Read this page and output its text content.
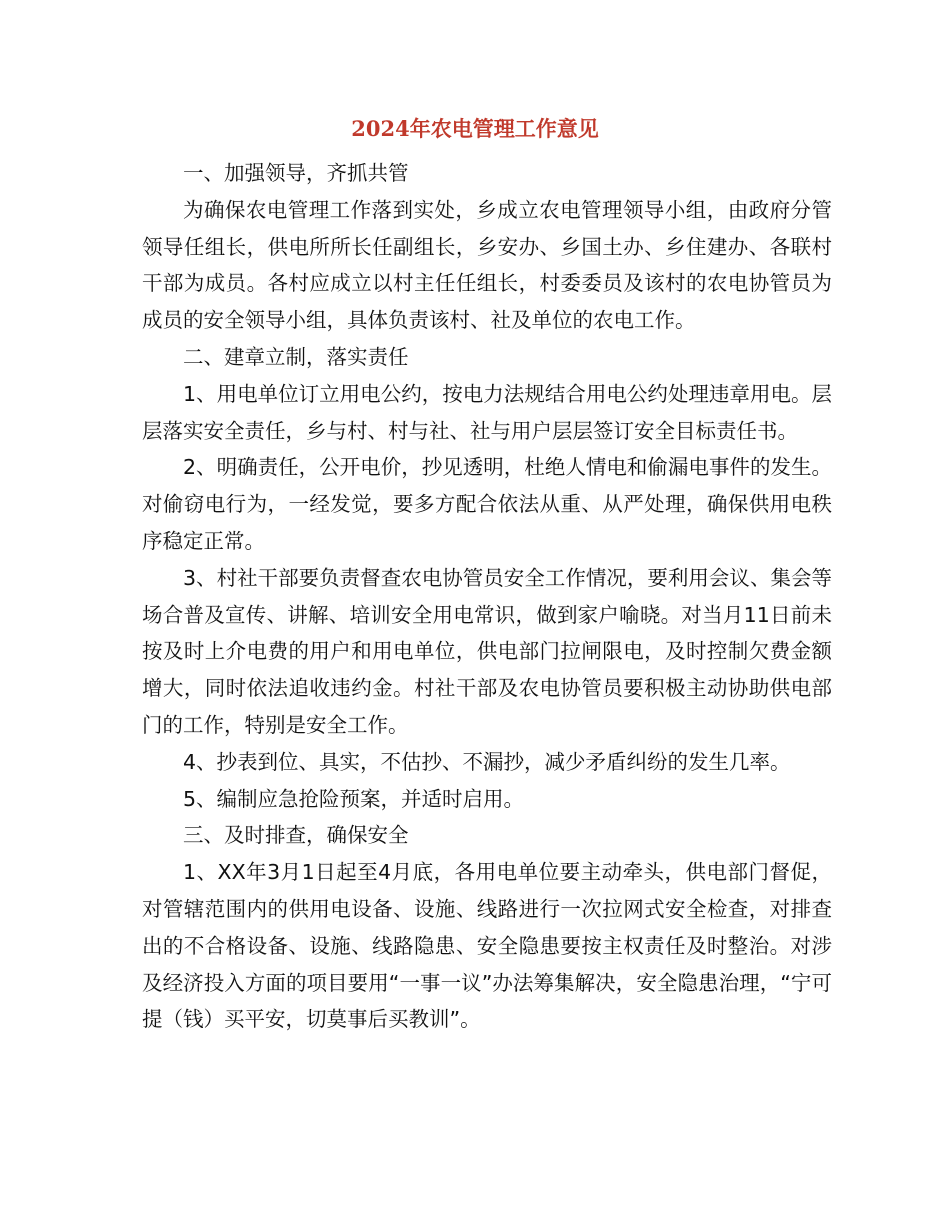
2024年农电管理工作意见

一、加强领导，齐抓共管

为确保农电管理工作落到实处，乡成立农电管理领导小组，由政府分管领导任组长，供电所所长任副组长，乡安办、乡国土办、乡住建办、各联村干部为成员。各村应成立以村主任任组长，村委委员及该村的农电协管员为成员的安全领导小组，具体负责该村、社及单位的农电工作。

二、建章立制，落实责任

1、用电单位订立用电公约，按电力法规结合用电公约处理违章用电。层层落实安全责任，乡与村、村与社、社与用户层层签订安全目标责任书。

2、明确责任，公开电价，抄见透明，杜绝人情电和偷漏电事件的发生。对偷窃电行为，一经发觉，要多方配合依法从重、从严处理，确保供用电秩序稳定正常。

3、村社干部要负责督查农电协管员安全工作情况，要利用会议、集会等场合普及宣传、讲解、培训安全用电常识，做到家户喻晓。对当月11日前未按及时上介电费的用户和用电单位，供电部门拉闸限电，及时控制欠费金额增大，同时依法追收违约金。村社干部及农电协管员要积极主动协助供电部门的工作，特别是安全工作。

4、抄表到位、具实，不估抄、不漏抄，减少矛盾纠纷的发生几率。

5、编制应急抢险预案，并适时启用。

三、及时排查，确保安全

1、XX年3月1日起至4月底，各用电单位要主动牵头，供电部门督促，对管辖范围内的供用电设备、设施、线路进行一次拉网式安全检查，对排查出的不合格设备、设施、线路隐患、安全隐患要按主权责任及时整治。对涉及经济投入方面的项目要用“一事一议”办法筹集解决，安全隐患治理，“宁可提（钱）买平安，切莫事后买教训”。
